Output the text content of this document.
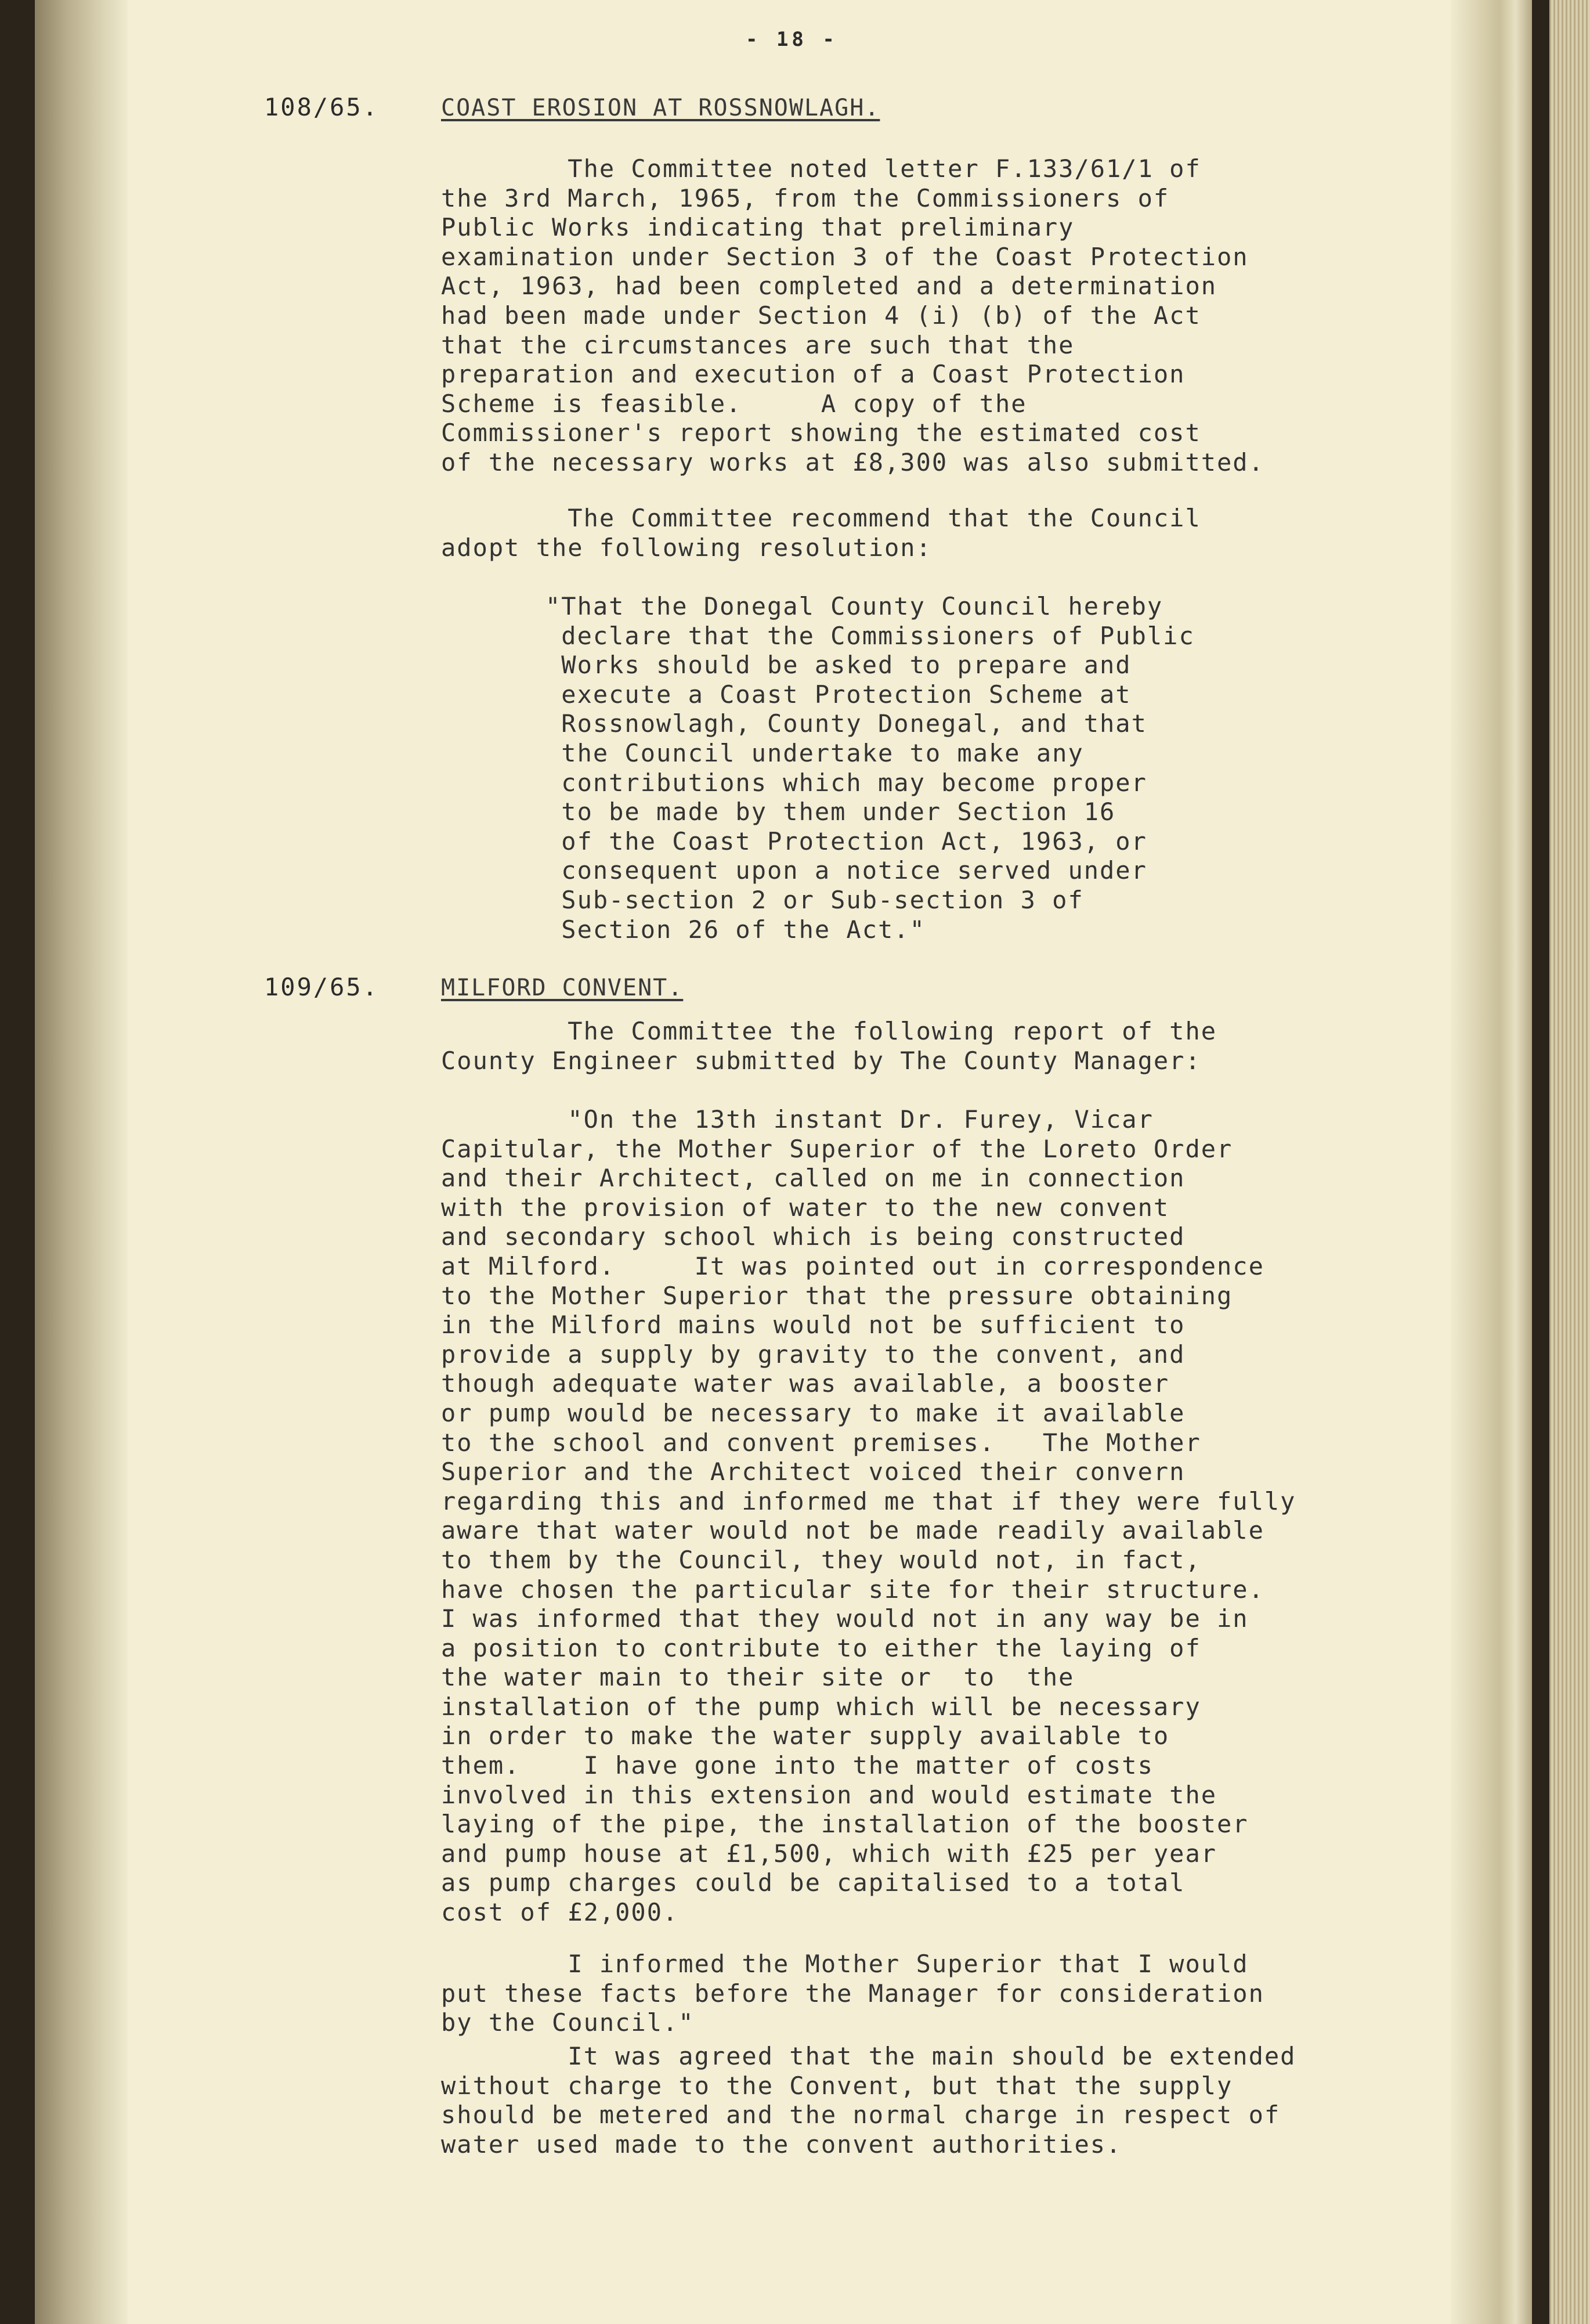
- 18 -
108/65.	COAST EROSION AT ROSSNOWLAGH.
The Committee noted letter F.133/61/1 of
the 3rd March, 1965, from the Commissioners of
Public Works indicating that preliminary
examination under Section 3 of the Coast Protection
Act, 1963, had been completed and a determination
had been made under Section 4 (i) (b) of the Act
that the circumstances are such that the
preparation and execution of a Coast Protection
Scheme is feasible.     A copy of the
Commissioner's report showing the estimated cost
of the necessary works at £8,300 was also submitted.
The Committee recommend that the Council
adopt the following resolution:
"That the Donegal County Council hereby
declare that the Commissioners of Public
Works should be asked to prepare and
execute a Coast Protection Scheme at
Rossnowlagh, County Donegal, and that
the Council undertake to make any
contributions which may become proper
to be made by them under Section 16
of the Coast Protection Act, 1963, or
consequent upon a notice served under
Sub-section 2 or Sub-section 3 of
Section 26 of the Act."
109/65.	MILFORD CONVENT.
The Committee the following report of the
County Engineer submitted by The County Manager:
"On the 13th instant Dr. Furey, Vicar
Capitular, the Mother Superior of the Loreto Order
and their Architect, called on me in connection
with the provision of water to the new convent
and secondary school which is being constructed
at Milford.     It was pointed out in correspondence
to the Mother Superior that the pressure obtaining
in the Milford mains would not be sufficient to
provide a supply by gravity to the convent, and
though adequate water was available, a booster
or pump would be necessary to make it available
to the school and convent premises.   The Mother
Superior and the Architect voiced their convern
regarding this and informed me that if they were fully
aware that water would not be made readily available
to them by the Council, they would not, in fact,
have chosen the particular site for their structure.
I was informed that they would not in any way be in
a position to contribute to either the laying of
the water main to their site or  to  the
installation of the pump which will be necessary
in order to make the water supply available to
them.    I have gone into the matter of costs
involved in this extension and would estimate the
laying of the pipe, the installation of the booster
and pump house at £1,500, which with £25 per year
as pump charges could be capitalised to a total
cost of £2,000.
I informed the Mother Superior that I would
put these facts before the Manager for consideration
by the Council."
It was agreed that the main should be extended
without charge to the Convent, but that the supply
should be metered and the normal charge in respect of
water used made to the convent authorities.
